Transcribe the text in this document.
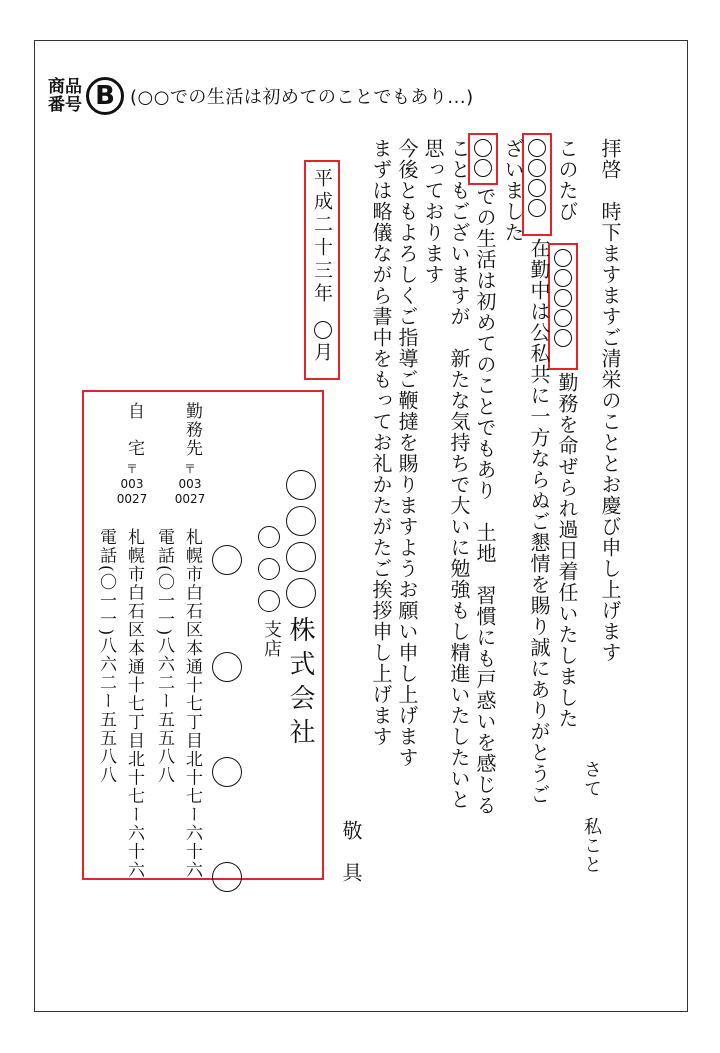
商品
番号 B (○○での生活は初めてのことでもあり...)
拝啓　時下ますますご清栄のこととお慶び申し上げます
さて　私こと
このたび
勤務を命ぜられ過日着任いたしました
在勤中は公私共に一方ならぬご懇情を賜り誠にありがとうご
ざいました
での生活は初めてのことでもあり　土地　習慣にも戸惑いを感じる
こともございますが　新たな気持ちで大いに勉強もし精進いたしたいと
思っております
今後ともよろしくご指導ご鞭撻を賜りますようお願い申し上げます
まずは略儀ながら書中をもってお礼かたがたご挨拶申し上げます
敬　具
平成二十三年
月
株式会社
支店
勤務先
〒
003
0027
札幌市白石区本通十七丁目北十七ー六十六
電話(〇一一)八六二ー五五八八
自　宅
〒
003
0027
札幌市白石区本通十七丁目北十七ー六十六
電話(〇一一)八六二ー五五八八
